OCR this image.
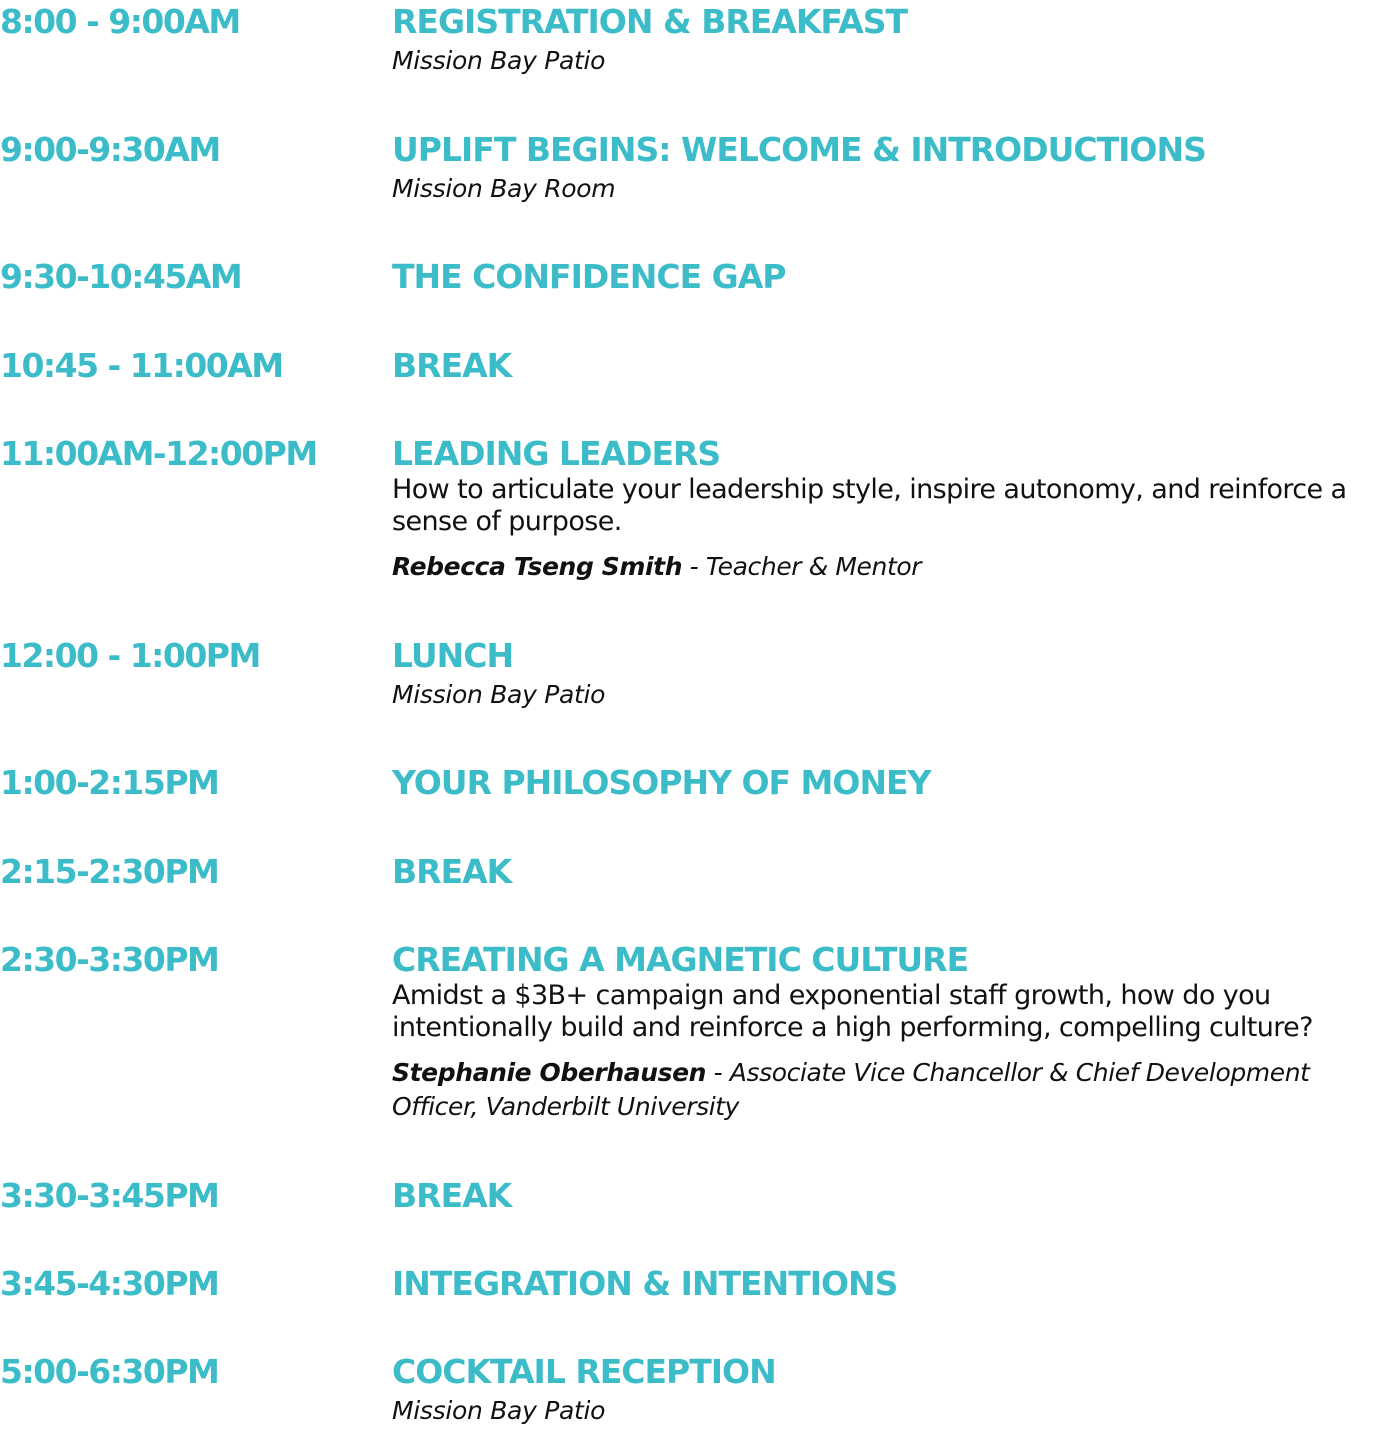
8:00 - 9:00AM	REGISTRATION & BREAKFAST
Mission Bay Patio
9:00-9:30AM	UPLIFT BEGINS: WELCOME & INTRODUCTIONS
Mission Bay Room
9:30-10:45AM	THE CONFIDENCE GAP
10:45 - 11:00AM	BREAK
11:00AM-12:00PM LEADING LEADERS
How to articulate your leadership style, inspire autonomy, and reinforce a sense of purpose.
Rebecca Tseng Smith - Teacher & Mentor
12:00 - 1:00PM	LUNCH
Mission Bay Patio
1:00-2:15PM	YOUR PHILOSOPHY OF MONEY
2:15-2:30PM	BREAK
2:30-3:30PM	CREATING A MAGNETIC CULTURE
Amidst a $3B+ campaign and exponential staff growth, how do you intentionally build and reinforce a high performing, compelling culture?
Stephanie Oberhausen - Associate Vice Chancellor & Chief Development Officer, Vanderbilt University
3:30-3:45PM	BREAK
3:45-4:30PM	INTEGRATION & INTENTIONS
5:00-6:30PM	COCKTAIL RECEPTION
Mission Bay Patio
